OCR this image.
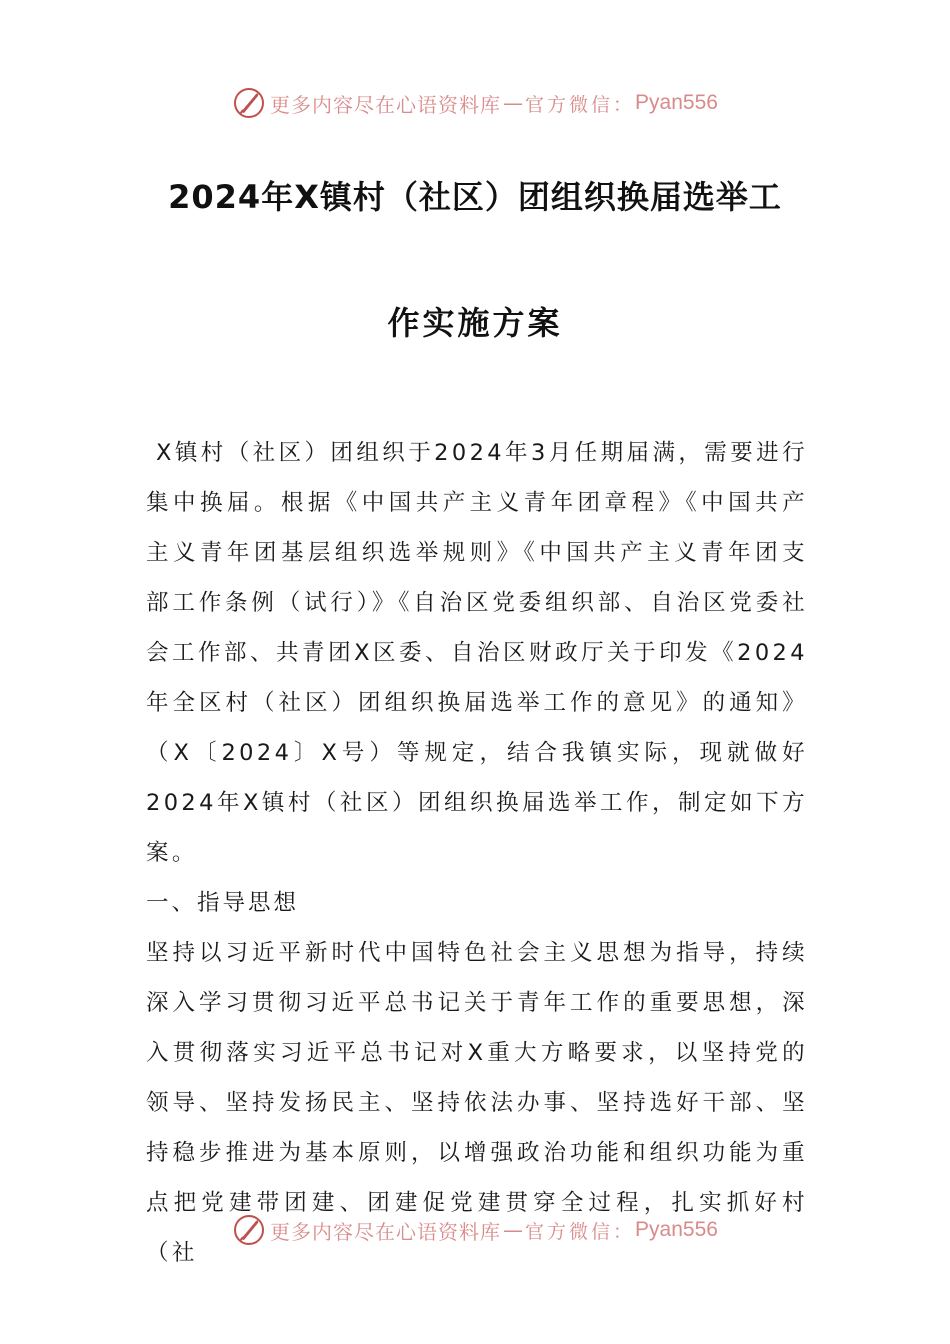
更多内容尽在心语资料库 — 官方微信： Pyan556
2024年X镇村（社区）团组织换届选举工
作实施方案

X镇村（社区）团组织于2024年3月任期届满，需要进行集中换届。根据《中国共产主义青年团章程》《中国共产主义青年团基层组织选举规则》《中国共产主义青年团支部工作条例（试行）》《自治区党委组织部、自治区党委社会工作部、共青团X区委、自治区财政厅关于印发《2024年全区村（社区）团组织换届选举工作的意见》的通知》（X〔2024〕X号）等规定，结合我镇实际，现就做好2024年X镇村（社区）团组织换届选举工作，制定如下方案。

一、指导思想

坚持以习近平新时代中国特色社会主义思想为指导，持续深入学习贯彻习近平总书记关于青年工作的重要思想，深入贯彻落实习近平总书记对X重大方略要求，以坚持党的领导、坚持发扬民主、坚持依法办事、坚持选好干部、坚持稳步推进为基本原则，以增强政治功能和组织功能为重点把党建带团建、团建促党建贯穿全过程，扎实抓好村（社

更多内容尽在心语资料库 — 官方微信： Pyan556
